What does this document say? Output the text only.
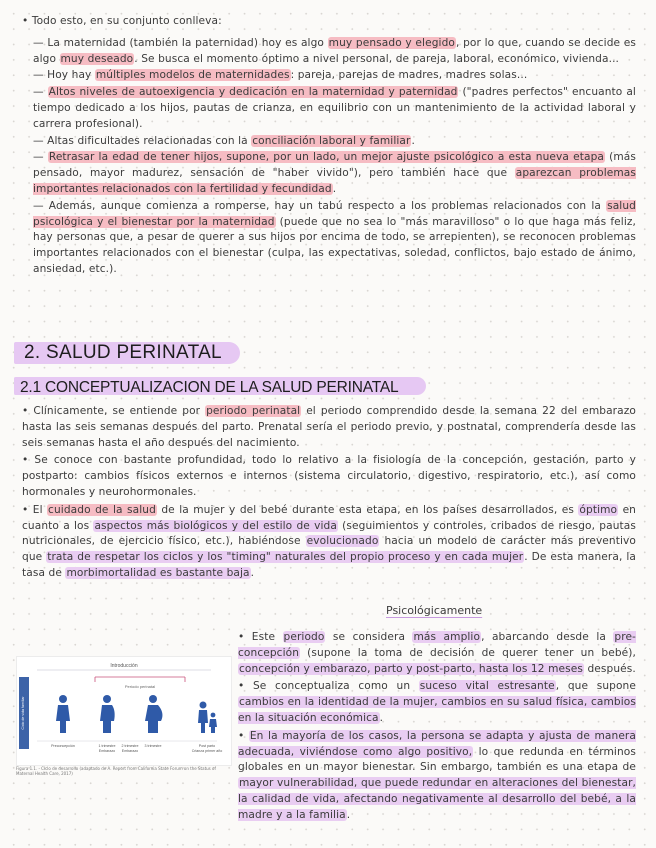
• Todo esto, en su conjunto conlleva:
— La maternidad (también la paternidad) hoy es algo muy pensado y elegido, por lo que, cuando se decide es algo muy deseado. Se busca el momento óptimo a nivel personal, de pareja, laboral, económico, vivienda...
— Hoy hay múltiples modelos de maternidades: pareja, parejas de madres, madres solas...
— Altos niveles de autoexigencia y dedicación en la maternidad y paternidad ("padres perfectos" encuanto al tiempo dedicado a los hijos, pautas de crianza, en equilibrio con un mantenimiento de la actividad laboral y carrera profesional).
— Altas dificultades relacionadas con la conciliación laboral y familiar.
— Retrasar la edad de tener hijos, supone, por un lado, un mejor ajuste psicológico a esta nueva etapa (más pensado, mayor madurez, sensación de "haber vivido"), pero también hace que aparezcan problemas importantes relacionados con la fertilidad y fecundidad.
— Además, aunque comienza a romperse, hay un tabú respecto a los problemas relacionados con la salud psicológica y el bienestar por la maternidad (puede que no sea lo "más maravilloso" o lo que haga más feliz, hay personas que, a pesar de querer a sus hijos por encima de todo, se arrepienten), se reconocen problemas importantes relacionados con el bienestar (culpa, las expectativas, soledad, conflictos, bajo estado de ánimo, ansiedad, etc.).
2. SALUD PERINATAL
2.1 CONCEPTUALIZACION DE LA SALUD PERINATAL
• Clínicamente, se entiende por periodo perinatal el periodo comprendido desde la semana 22 del embarazo hasta las seis semanas después del parto. Prenatal sería el periodo previo, y postnatal, comprendería desde las seis semanas hasta el año después del nacimiento.
• Se conoce con bastante profundidad, todo lo relativo a la fisiología de la concepción, gestación, parto y postparto: cambios físicos externos e internos (sistema circulatorio, digestivo, respiratorio, etc.), así como hormonales y neurohormonales.
• El cuidado de la salud de la mujer y del bebé durante esta etapa, en los países desarrollados, es óptimo en cuanto a los aspectos más biológicos y del estilo de vida (seguimientos y controles, cribados de riesgo, pautas nutricionales, de ejercicio físico, etc.), habiéndose evolucionado hacia un modelo de carácter más preventivo que trata de respetar los ciclos y los "timing" naturales del propio proceso y en cada mujer. De esta manera, la tasa de morbimortalidad es bastante baja.
Psicológicamente
Introducción
Periodo perinatal
Ciclo de vida familiar
Preconcepción	1 trimestre
Embarazo
2 trimestre
Embarazo
3 trimestre	Post parto
Crianza primer año
Figura 1.1. - Ciclo de desarrollo (adaptado de A. Report from California State Forum on the Status of Maternal Health Care, 2017)
• Este periodo se considera más amplio, abarcando desde la pre-concepción (supone la toma de decisión de querer tener un bebé), concepción y embarazo, parto y post-parto, hasta los 12 meses después.
• Se conceptualiza como un suceso vital estresante, que supone cambios en la identidad de la mujer, cambios en su salud física, cambios en la situación económica.
• En la mayoría de los casos, la persona se adapta y ajusta de manera adecuada, viviéndose como algo positivo, lo que redunda en términos globales en un mayor bienestar. Sin embargo, también es una etapa de mayor vulnerabilidad, que puede redundar en alteraciones del bienestar, la calidad de vida, afectando negativamente al desarrollo del bebé, a la madre y a la familia.
